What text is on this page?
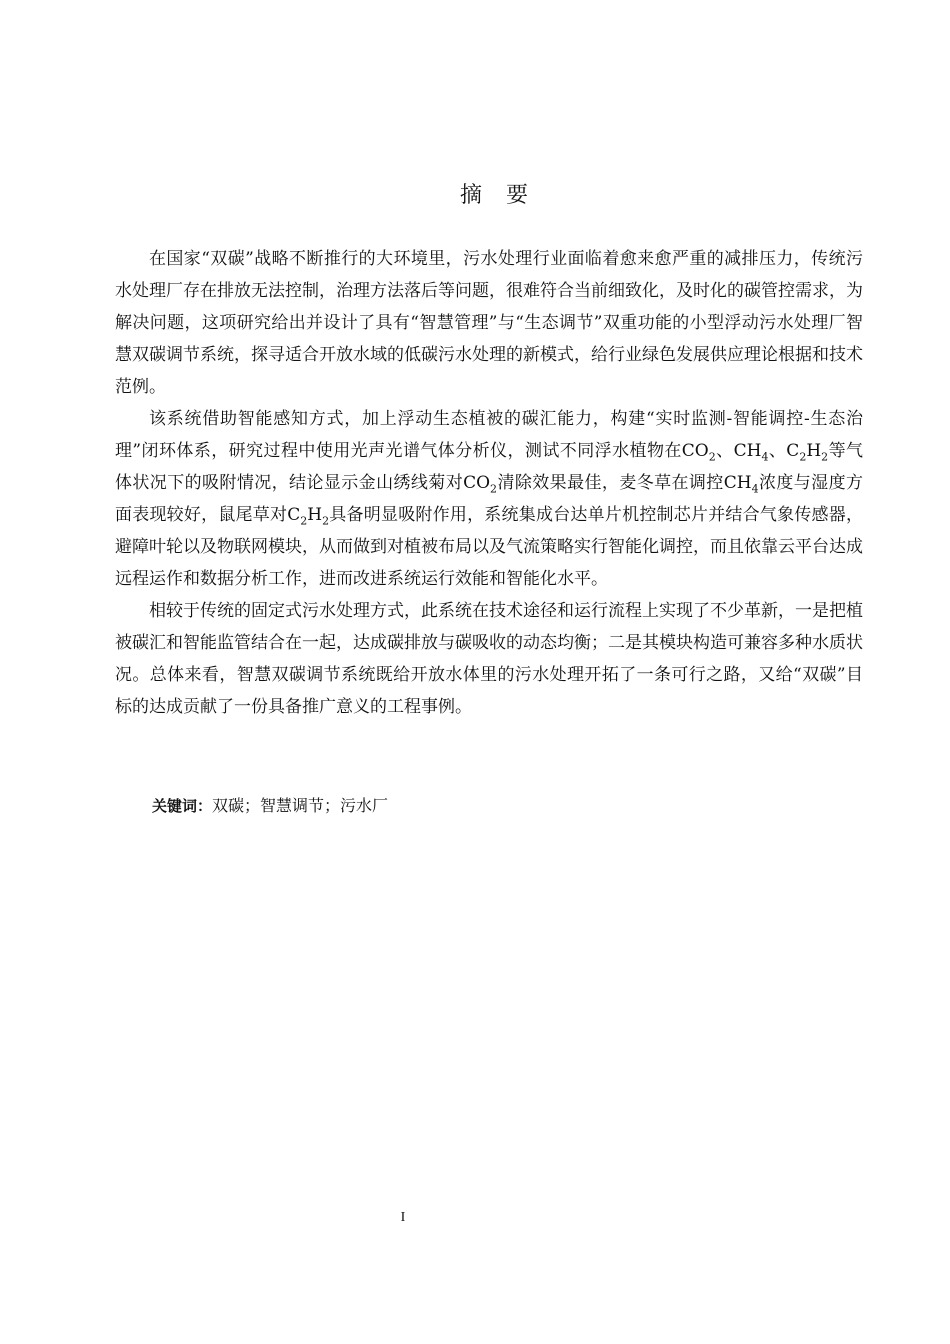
摘要

在国家“双碳”战略不断推行的大环境里，污水处理行业面临着愈来愈严重的减排压力，传统污水处理厂存在排放无法控制，治理方法落后等问题，很难符合当前细致化，及时化的碳管控需求，为解决问题，这项研究给出并设计了具有“智慧管理”与“生态调节”双重功能的小型浮动污水处理厂智慧双碳调节系统，探寻适合开放水域的低碳污水处理的新模式，给行业绿色发展供应理论根据和技术范例。

该系统借助智能感知方式，加上浮动生态植被的碳汇能力，构建“实时监测-智能调控-生态治理”闭环体系，研究过程中使用光声光谱气体分析仪，测试不同浮水植物在$CO_2$、$CH_4$、$C_2H_2$等气体状况下的吸附情况，结论显示金山绣线菊对$CO_2$清除效果最佳，麦冬草在调控$CH_4$浓度与湿度方面表现较好，鼠尾草对$C_2H_2$具备明显吸附作用，系统集成台达单片机控制芯片并结合气象传感器，避障叶轮以及物联网模块，从而做到对植被布局以及气流策略实行智能化调控，而且依靠云平台达成远程运作和数据分析工作，进而改进系统运行效能和智能化水平。

相较于传统的固定式污水处理方式，此系统在技术途径和运行流程上实现了不少革新，一是把植被碳汇和智能监管结合在一起，达成碳排放与碳吸收的动态均衡；二是其模块构造可兼容多种水质状况。总体来看，智慧双碳调节系统既给开放水体里的污水处理开拓了一条可行之路，又给“双碳”目标的达成贡献了一份具备推广意义的工程事例。

关键词：双碳；智慧调节；污水厂
I
